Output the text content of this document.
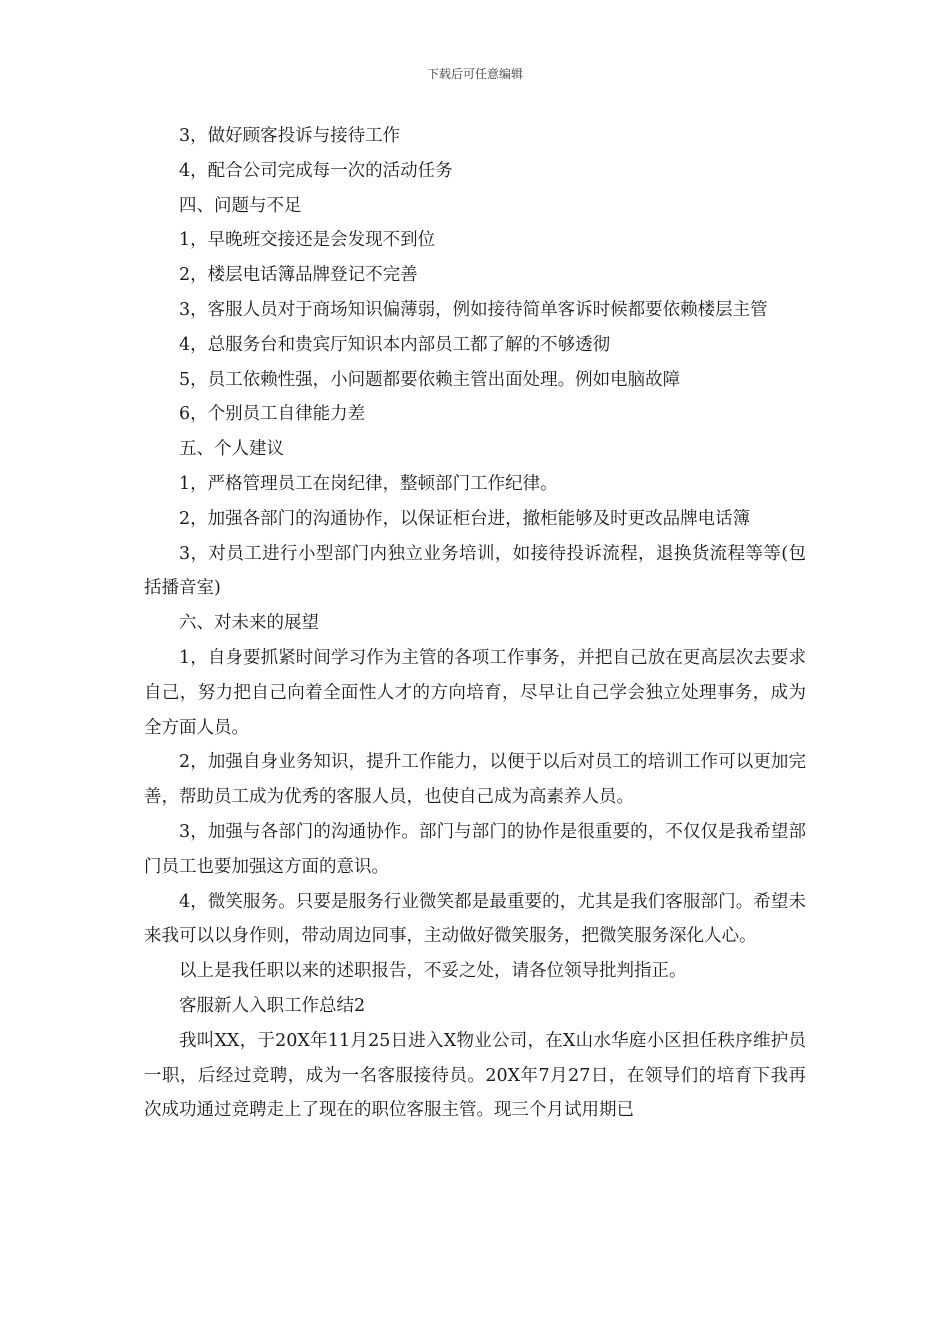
下载后可任意编辑

3，做好顾客投诉与接待工作

4，配合公司完成每一次的活动任务

四、问题与不足

1，早晚班交接还是会发现不到位

2，楼层电话簿品牌登记不完善

3，客服人员对于商场知识偏薄弱，例如接待简单客诉时候都要依赖楼层主管

4，总服务台和贵宾厅知识本内部员工都了解的不够透彻

5，员工依赖性强，小问题都要依赖主管出面处理。例如电脑故障

6，个别员工自律能力差

五、个人建议

1，严格管理员工在岗纪律，整顿部门工作纪律。

2，加强各部门的沟通协作，以保证柜台进，撤柜能够及时更改品牌电话簿

3，对员工进行小型部门内独立业务培训，如接待投诉流程，退换货流程等等(包括播音室)

六、对未来的展望

1，自身要抓紧时间学习作为主管的各项工作事务，并把自己放在更高层次去要求自己，努力把自己向着全面性人才的方向培育，尽早让自己学会独立处理事务，成为全方面人员。

2，加强自身业务知识，提升工作能力，以便于以后对员工的培训工作可以更加完善，帮助员工成为优秀的客服人员，也使自己成为高素养人员。

3，加强与各部门的沟通协作。部门与部门的协作是很重要的，不仅仅是我希望部门员工也要加强这方面的意识。

4，微笑服务。只要是服务行业微笑都是最重要的，尤其是我们客服部门。希望未来我可以以身作则，带动周边同事，主动做好微笑服务，把微笑服务深化人心。

以上是我任职以来的述职报告，不妥之处，请各位领导批判指正。

客服新人入职工作总结2

我叫XX，于20X年11月25日进入X物业公司，在X山水华庭小区担任秩序维护员一职，后经过竞聘，成为一名客服接待员。20X年7月27日，在领导们的培育下我再次成功通过竞聘走上了现在的职位客服主管。现三个月试用期已
